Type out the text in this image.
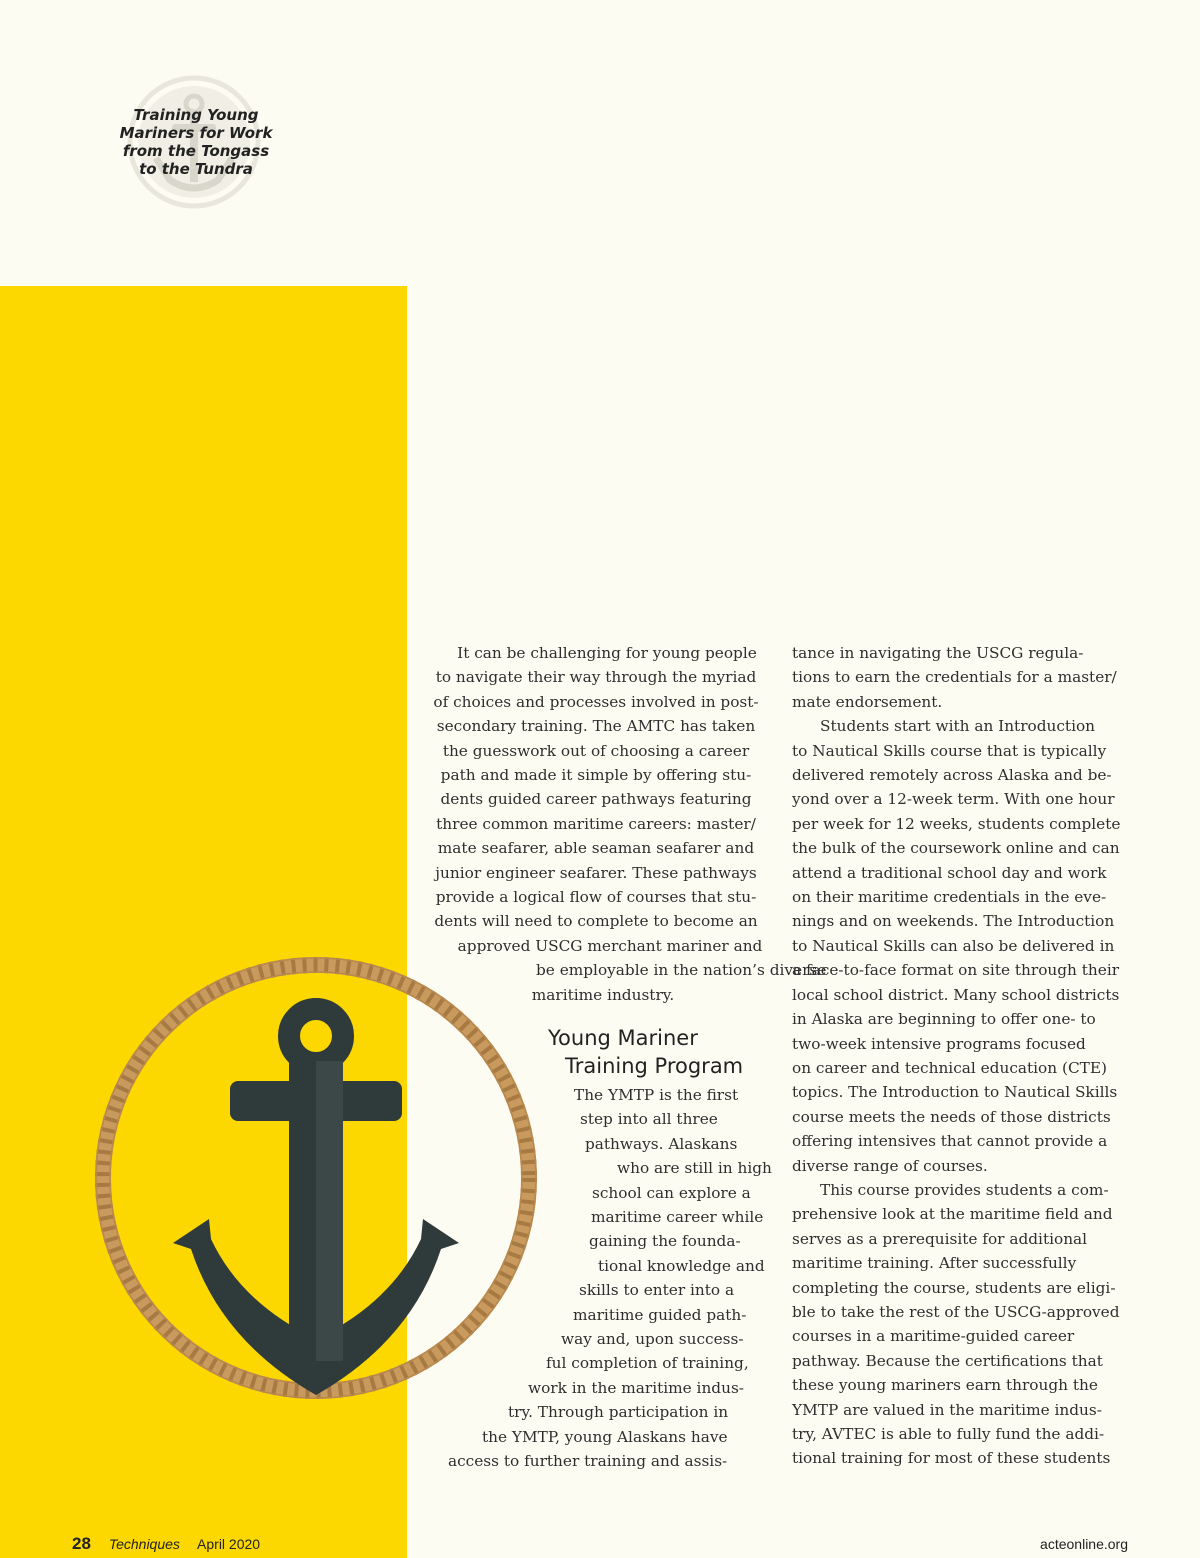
Training Young
Mariners for Work
from the Tongass
to the Tundra

It can be challenging for young people
to navigate their way through the myriad
of choices and processes involved in post-
secondary training. The AMTC has taken
the guesswork out of choosing a career
path and made it simple by offering stu-
dents guided career pathways featuring
three common maritime careers: master/
mate seafarer, able seaman seafarer and
junior engineer seafarer. These pathways
provide a logical flow of courses that stu-
dents will need to complete to become an
approved USCG merchant mariner and
be employable in the nation’s diverse
maritime industry.

Young Mariner
Training Program

The YMTP is the first
step into all three
pathways. Alaskans
who are still in high
school can explore a
maritime career while
gaining the founda-
tional knowledge and
skills to enter into a
maritime guided path-
way and, upon success-
ful completion of training,
work in the maritime indus-
try. Through participation in
the YMTP, young Alaskans have
access to further training and assis-

tance in navigating the USCG regula-
tions to earn the credentials for a master/
mate endorsement.
Students start with an Introduction
to Nautical Skills course that is typically
delivered remotely across Alaska and be-
yond over a 12-week term. With one hour
per week for 12 weeks, students complete
the bulk of the coursework online and can
attend a traditional school day and work
on their maritime credentials in the eve-
nings and on weekends. The Introduction
to Nautical Skills can also be delivered in
a face-to-face format on site through their
local school district. Many school districts
in Alaska are beginning to offer one- to
two-week intensive programs focused
on career and technical education (CTE)
topics. The Introduction to Nautical Skills
course meets the needs of those districts
offering intensives that cannot provide a
diverse range of courses.
This course provides students a com-
prehensive look at the maritime field and
serves as a prerequisite for additional
maritime training. After successfully
completing the course, students are eligi-
ble to take the rest of the USCG-approved
courses in a maritime-guided career
pathway. Because the certifications that
these young mariners earn through the
YMTP are valued in the maritime indus-
try, AVTEC is able to fully fund the addi-
tional training for most of these students

28 Techniques April 2020	acteonline.org
